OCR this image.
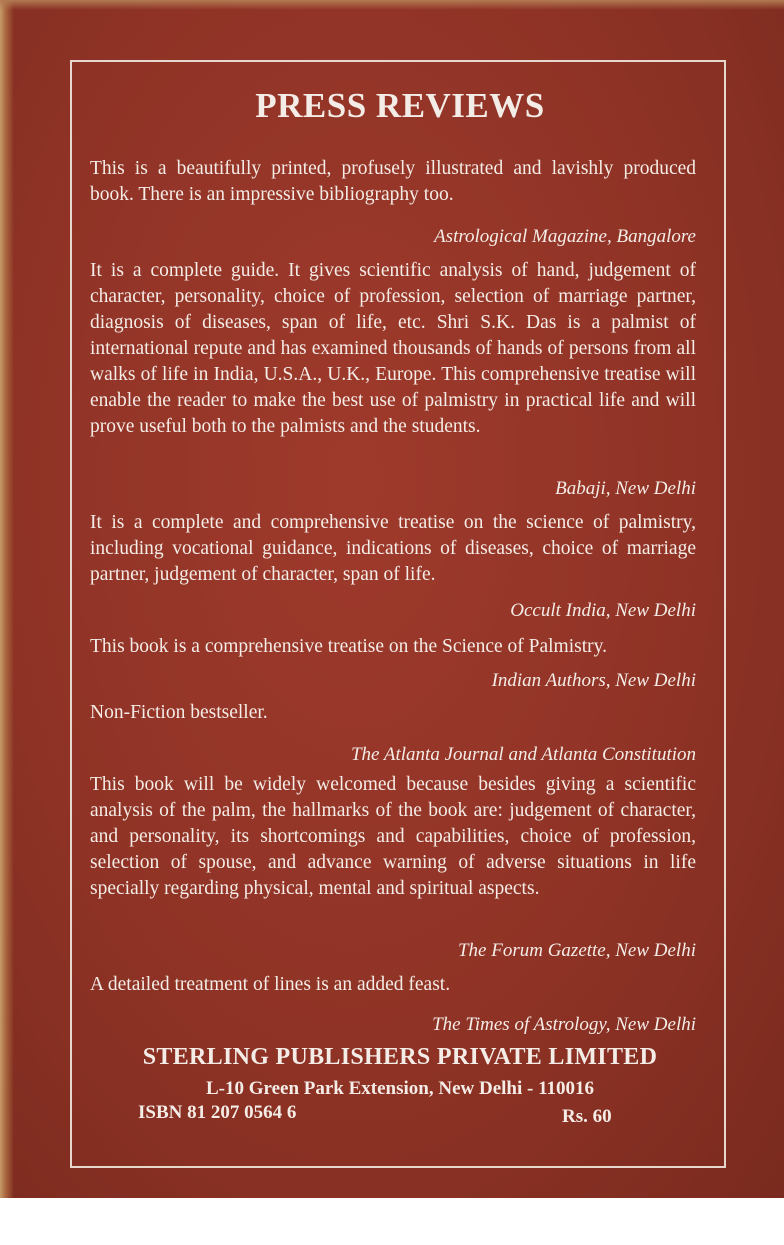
PRESS REVIEWS
This is a beautifully printed, profusely illustrated and lavishly produced book. There is an impressive bibliography too.
Astrological Magazine, Bangalore
It is a complete guide. It gives scientific analysis of hand, judgement of character, personality, choice of profession, selection of marriage partner, diagnosis of diseases, span of life, etc. Shri S.K. Das is a palmist of international repute and has examined thousands of hands of persons from all walks of life in India, U.S.A., U.K., Europe. This comprehensive treatise will enable the reader to make the best use of palmistry in practical life and will prove useful both to the palmists and the students.
Babaji, New Delhi
It is a complete and comprehensive treatise on the science of palmistry, including vocational guidance, indications of diseases, choice of marriage partner, judgement of character, span of life.
Occult India, New Delhi
This book is a comprehensive treatise on the Science of Palmistry.
Indian Authors, New Delhi
Non-Fiction bestseller.
The Atlanta Journal and Atlanta Constitution
This book will be widely welcomed because besides giving a scientific analysis of the palm, the hallmarks of the book are: judgement of character, and personality, its shortcomings and capabilities, choice of profession, selection of spouse, and advance warning of adverse situations in life specially regarding physical, mental and spiritual aspects.
The Forum Gazette, New Delhi
A detailed treatment of lines is an added feast.
The Times of Astrology, New Delhi
STERLING PUBLISHERS PRIVATE LIMITED
L-10 Green Park Extension, New Delhi - 110016
ISBN 81 207 0564 6	Rs. 60
